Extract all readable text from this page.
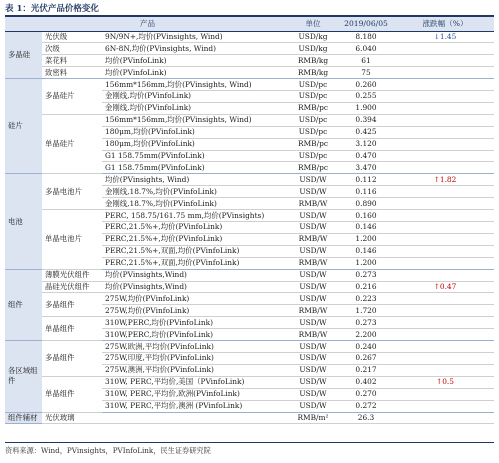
表 1：光伏产品价格变化
产品			单位	2019/06/05	涨跌幅（%）
多晶硅	光伏级	9N/9N+,均价(PVinsights, Wind)	USD/kg	8.180	↓1.45
	次级	6N-8N,均价(PVinsights, Wind)	USD/kg	6.040	
	菜花料	均价(PVinfoLink)	RMB/kg	61	
	致密料	均价(PVinfoLink)	RMB/kg	75	
硅片	多晶硅片	156mm*156mm,均价(PVinsights, Wind)	USD/pc	0.260	
		金刚线,均价(PVinfoLink)	USD/pc	0.255	
		金刚线,均价(PVinfoLink)	RMB/pc	1.900	
	单晶硅片	156mm*156mm,均价(PVinsights, Wind)	USD/pc	0.394	
		180μm,均价(PVinfoLink)	USD/pc	0.425	
		180μm,均价(PVinfoLink)	RMB/pc	3.120	
		G1 158.75mm(PVinfoLink)	USD/pc	0.470	
		G1 158.75mm(PVinfoLink)	RMB/pc	3.470	
电池	多晶电池片	均价(PVinsights, Wind)	USD/W	0.112	↑1.82
		金刚线,18.7%,均价(PVinfoLink)	USD/W	0.116	
		金刚线,18.7%,均价(PVinfoLink)	RMB/W	0.890	
	单晶电池片	PERC, 158.75/161.75 mm,均价(PVinsights)	USD/W	0.160	
		PERC,21.5%+,均价(PVinfoLink)	USD/W	0.146	
		PERC,21.5%+,均价(PVinfoLink)	RMB/W	1.200	
		PERC,21.5%+,双面,均价(PVinfoLink)	USD/W	0.146	
		PERC,21.5%+,双面,均价(PVinfoLink)	RMB/W	1.200	
组件	薄膜光伏组件	均价(PVinsights,Wind)	USD/W	0.273	
	晶硅光伏组件	均价(PVinsights,Wind)	USD/W	0.216	↑0.47
	多晶组件	275W,均价(PVinfoLink)	USD/W	0.223	
		275W,均价(PVinfoLink)	RMB/W	1.720	
	单晶组件	310W,PERC,均价(PVinfoLink)	USD/W	0.273	
		310W,PERC,均价(PVinfoLink)	RMB/W	2.200	
各区域组件	多晶组件	275W,欧洲,平均价(PVinfoLink)	USD/W	0.240	
		275W,印度,平均价(PVinfoLink)	USD/W	0.267	
		275W,澳洲,平均价(PVinfoLink)	USD/W	0.217	
	单晶组件	310W, PERC,平均价,美国（PVinfoLink)	USD/W	0.402	↑0.5
		310W, PERC,平均价,欧洲(PVinfoLink)	USD/W	0.270	
		310W, PERC,平均价,澳洲 (PVinfoLink)	USD/W	0.272	
组件辅材	光伏玻璃		RMB/m²	26.3	
资料来源：Wind，PVinsights，PVInfoLink，民生证券研究院
